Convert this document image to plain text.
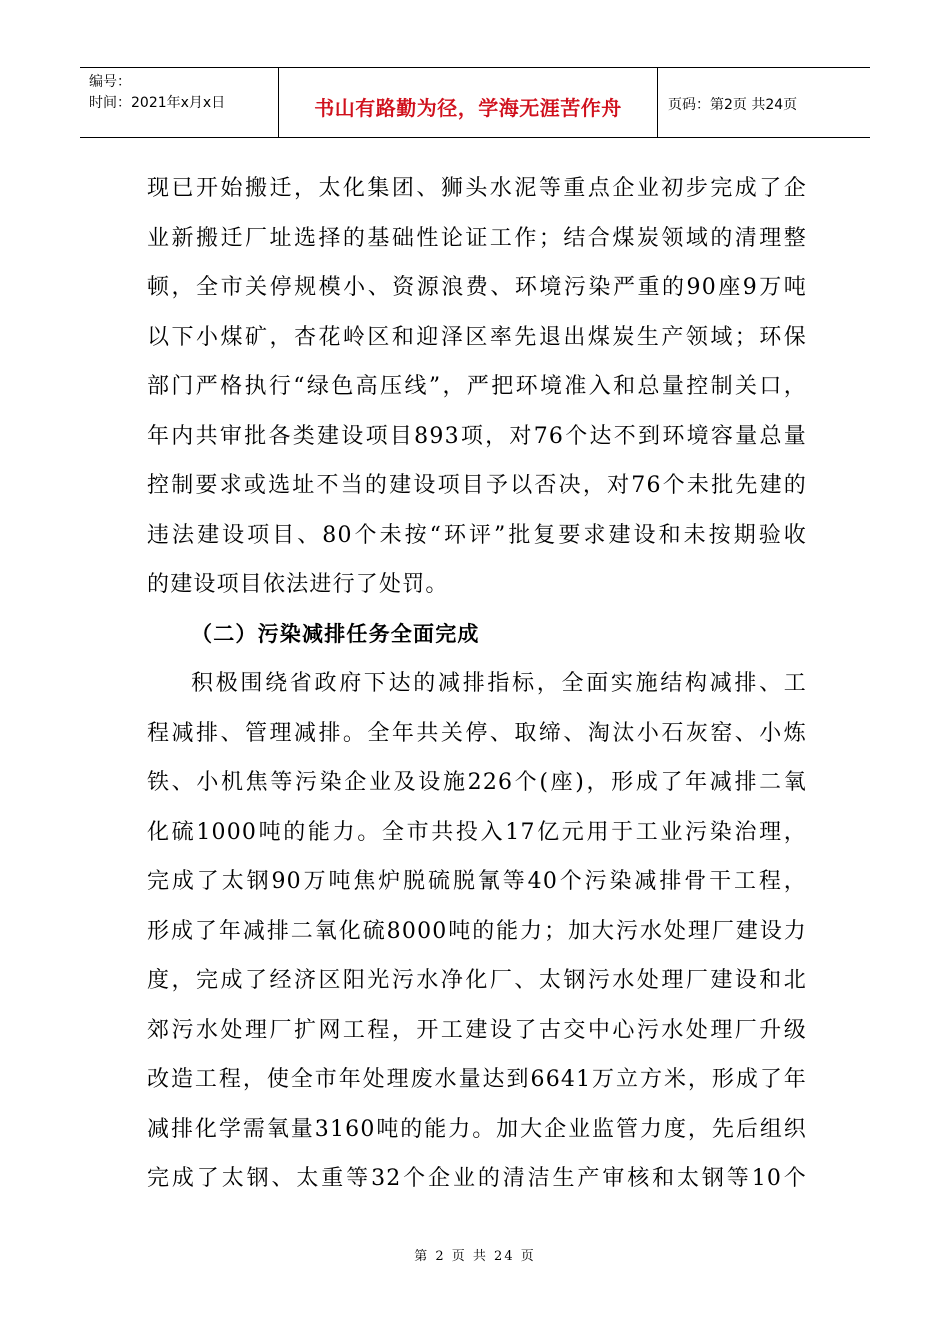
编号：
时间：2021年x月x日	书山有路勤为径，学海无涯苦作舟	页码：第2页 共24页
现已开始搬迁，太化集团、狮头水泥等重点企业初步完成了企
业新搬迁厂址选择的基础性论证工作；结合煤炭领域的清理整
顿，全市关停规模小、资源浪费、环境污染严重的90座9万吨
以下小煤矿，杏花岭区和迎泽区率先退出煤炭生产领域；环保
部门严格执行“绿色高压线”，严把环境准入和总量控制关口，
年内共审批各类建设项目893项，对76个达不到环境容量总量
控制要求或选址不当的建设项目予以否决，对76个未批先建的
违法建设项目、80个未按“环评”批复要求建设和未按期验收
的建设项目依法进行了处罚。
（二）污染减排任务全面完成
积极围绕省政府下达的减排指标，全面实施结构减排、工
程减排、管理减排。全年共关停、取缔、淘汰小石灰窑、小炼
铁、小机焦等污染企业及设施226个(座)，形成了年减排二氧
化硫1000吨的能力。全市共投入17亿元用于工业污染治理，
完成了太钢90万吨焦炉脱硫脱氰等40个污染减排骨干工程，
形成了年减排二氧化硫8000吨的能力；加大污水处理厂建设力
度，完成了经济区阳光污水净化厂、太钢污水处理厂建设和北
郊污水处理厂扩网工程，开工建设了古交中心污水处理厂升级
改造工程，使全市年处理废水量达到6641万立方米，形成了年
减排化学需氧量3160吨的能力。加大企业监管力度，先后组织
完成了太钢、太重等32个企业的清洁生产审核和太钢等10个
第 2 页 共 24 页
